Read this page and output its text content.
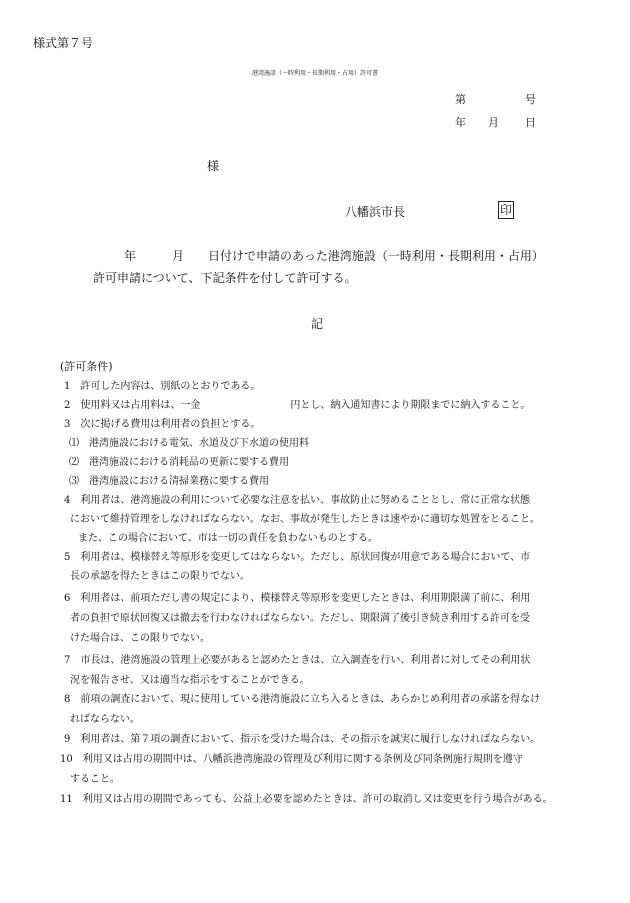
様式第７号
港湾施設（一時利用・長期利用・占用）許可書
第	号
年 月 日
様
八幡浜市長	印
年　　　月　　日付けで申請のあった港湾施設（一時利用・長期利用・占用）
許可申請について、下記条件を付して許可する。
記
(許可条件)
1　許可した内容は、別紙のとおりである。
2　使用料又は占用料は、一金　　　　　　　　　円とし、納入通知書により期限までに納入すること。
3　次に掲げる費用は利用者の負担とする。
⑴　港湾施設における電気、水道及び下水道の使用料
⑵　港湾施設における消耗品の更新に要する費用
⑶　港湾施設における清掃業務に要する費用
4　利用者は、港湾施設の利用について必要な注意を払い、事故防止に努めることとし、常に正常な状態
において維持管理をしなければならない。なお、事故が発生したときは速やかに適切な処置をとること。
また、この場合において、市は一切の責任を負わないものとする。
5　利用者は、模様替え等原形を変更してはならない。ただし、原状回復が用意である場合において、市
長の承認を得たときはこの限りでない。
6　利用者は、前項ただし書の規定により、模様替え等原形を変更したときは、利用期限満了前に、利用
者の負担で原状回復又は撤去を行わなければならない。ただし、期限満了後引き続き利用する許可を受
けた場合は、この限りでない。
7　市長は、港湾施設の管理上必要があると認めたときは、立入調査を行い、利用者に対してその利用状
況を報告させ、又は適当な指示をすることができる。
8　前項の調査において、現に使用している港湾施設に立ち入るときは、あらかじめ利用者の承諾を得なけ
ればならない。
9　利用者は、第７項の調査において、指示を受けた場合は、その指示を誠実に履行しなければならない。
10　利用又は占用の期間中は、八幡浜港湾施設の管理及び利用に関する条例及び同条例施行規則を遵守
すること。
11　利用又は占用の期間であっても、公益上必要を認めたときは、許可の取消し又は変更を行う場合がある。
